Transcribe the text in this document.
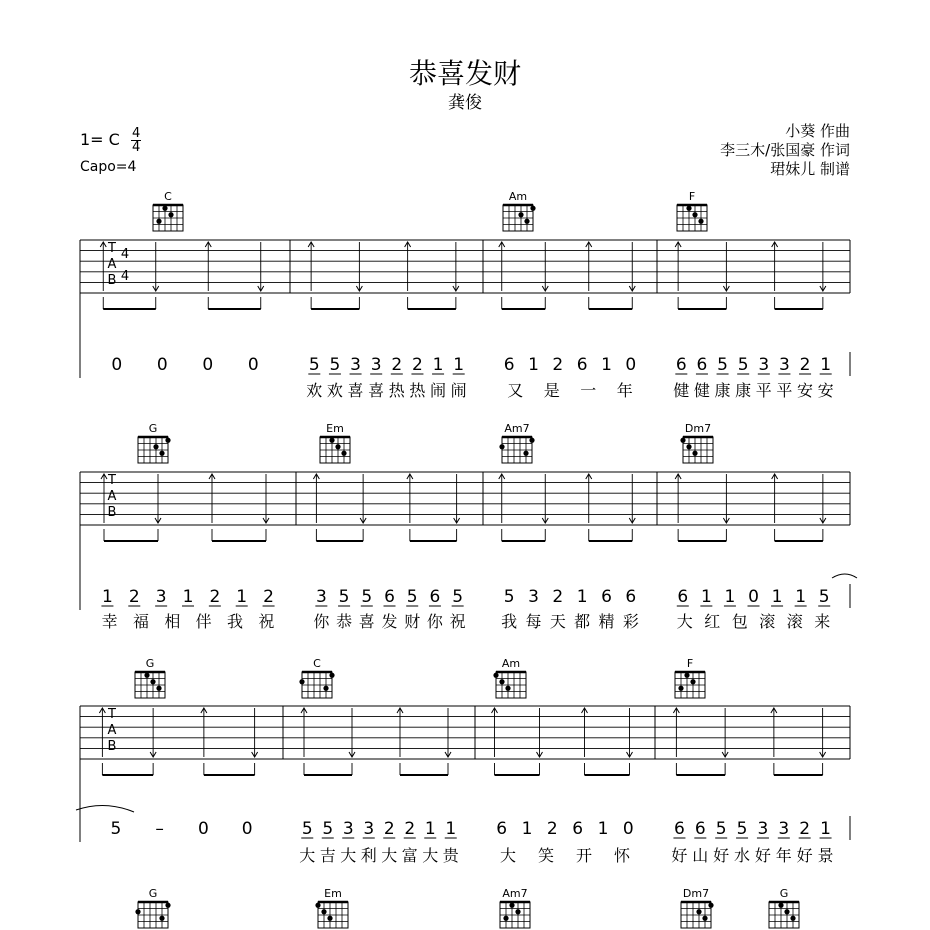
恭喜发财
龚俊
1= C $\frac{4}{4}$
Capo=4
小葵 作曲
李三木/张国豪 作词
珺妹儿 制谱
C	Am	F
T
A
B
4
4
0 0 0 0	5 5 3 3 2 2 1 1
欢 欢 喜 喜 热 热 闹 闹
6 1 2 6 1 0
又 是 一 年
6 6 5 5 3 3 2 1
健 健 康 康 平 平 安 安
G	Em	Am7	Dm7
T
A
B
1 2 3 1 2 1 2
幸 福 相 伴 我 祝
3 5 5 6 5 6 5
你 恭 喜 发 财 你 祝
5 3 2 1 6 6
我 每 天 都 精 彩
6 1 1 0 1 1 5
大 红 包 滚 滚 来
G	C	Am	F
T
A
B
5 – 0 0	5 5 3 3 2 2 1 1
大 吉 大 利 大 富 大 贵
6 1 2 6 1 0
大 笑 开 怀
6 6 5 5 3 3 2 1
好 山 好 水 好 年 好 景
G	Em	Am7	Dm7	G
